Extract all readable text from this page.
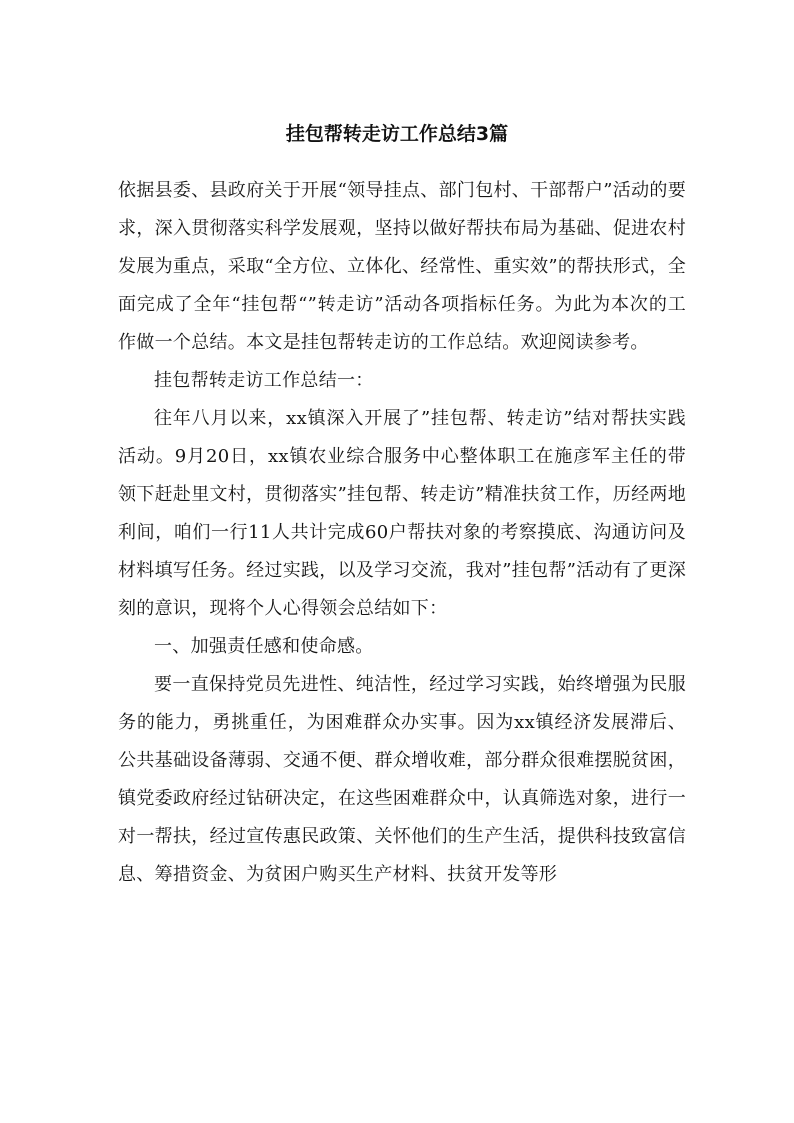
挂包帮转走访工作总结3篇

依据县委、县政府关于开展“领导挂点、部门包村、干部帮户”活动的要求，深入贯彻落实科学发展观，坚持以做好帮扶布局为基础、促进农村发展为重点，采取“全方位、立体化、经常性、重实效”的帮扶形式，全面完成了全年“挂包帮“”转走访”活动各项指标任务。为此为本次的工作做一个总结。本文是挂包帮转走访的工作总结。欢迎阅读参考。

挂包帮转走访工作总结一：

往年八月以来，xx镇深入开展了”挂包帮、转走访”结对帮扶实践活动。9月20日，xx镇农业综合服务中心整体职工在施彦军主任的带领下赶赴里文村，贯彻落实”挂包帮、转走访”精准扶贫工作，历经两地利间，咱们一行11人共计完成60户帮扶对象的考察摸底、沟通访问及材料填写任务。经过实践，以及学习交流，我对”挂包帮”活动有了更深刻的意识，现将个人心得领会总结如下：

一、加强责任感和使命感。

要一直保持党员先进性、纯洁性，经过学习实践，始终增强为民服务的能力，勇挑重任，为困难群众办实事。因为xx镇经济发展滞后、公共基础设备薄弱、交通不便、群众增收难，部分群众很难摆脱贫困，镇党委政府经过钻研决定，在这些困难群众中，认真筛选对象，进行一对一帮扶，经过宣传惠民政策、关怀他们的生产生活，提供科技致富信息、筹措资金、为贫困户购买生产材料、扶贫开发等形
